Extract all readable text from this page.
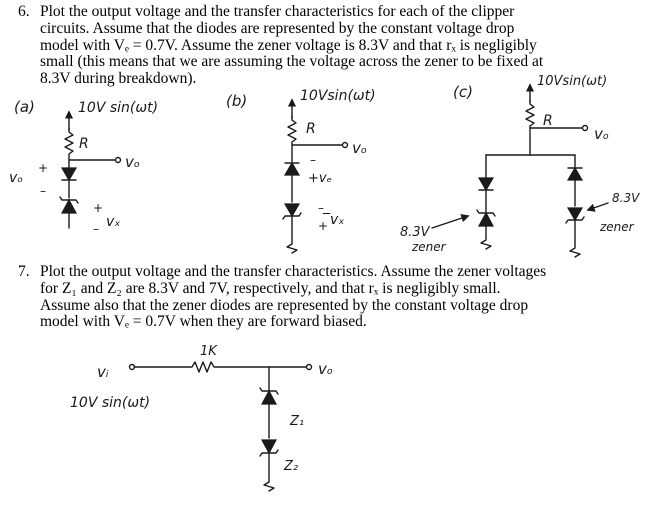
6. Plot the output voltage and the transfer characteristics for each of the clipper
circuits. Assume that the diodes are represented by the constant voltage drop
model with Vₑ = 0.7V. Assume the zener voltage is 8.3V and that rₓ is negligibly
small (this means that we are assuming the voltage across the zener to be fixed at
8.3V during breakdown).
7. Plot the output voltage and the transfer characteristics. Assume the zener voltages
for Z₁ and Z₂ are 8.3V and 7V, respectively, and that rₓ is negligibly small.
Assume also that the zener diodes are represented by the constant voltage drop
model with Vₑ = 0.7V when they are forward biased.
(a)	10V sin(ωt)
R
vₒ
vₒ
+
–
+
– vₓ
(b)	10Vsin(ωt)
R
vₒ
–
+vₑ
–
+ ̅vₓ
(c)
10Vsin(ωt)
R
vₒ
8.3V
zener
8.3V
zener
1K
vᵢ	vₒ
10V sin(ωt)
Z₁
Z₂
